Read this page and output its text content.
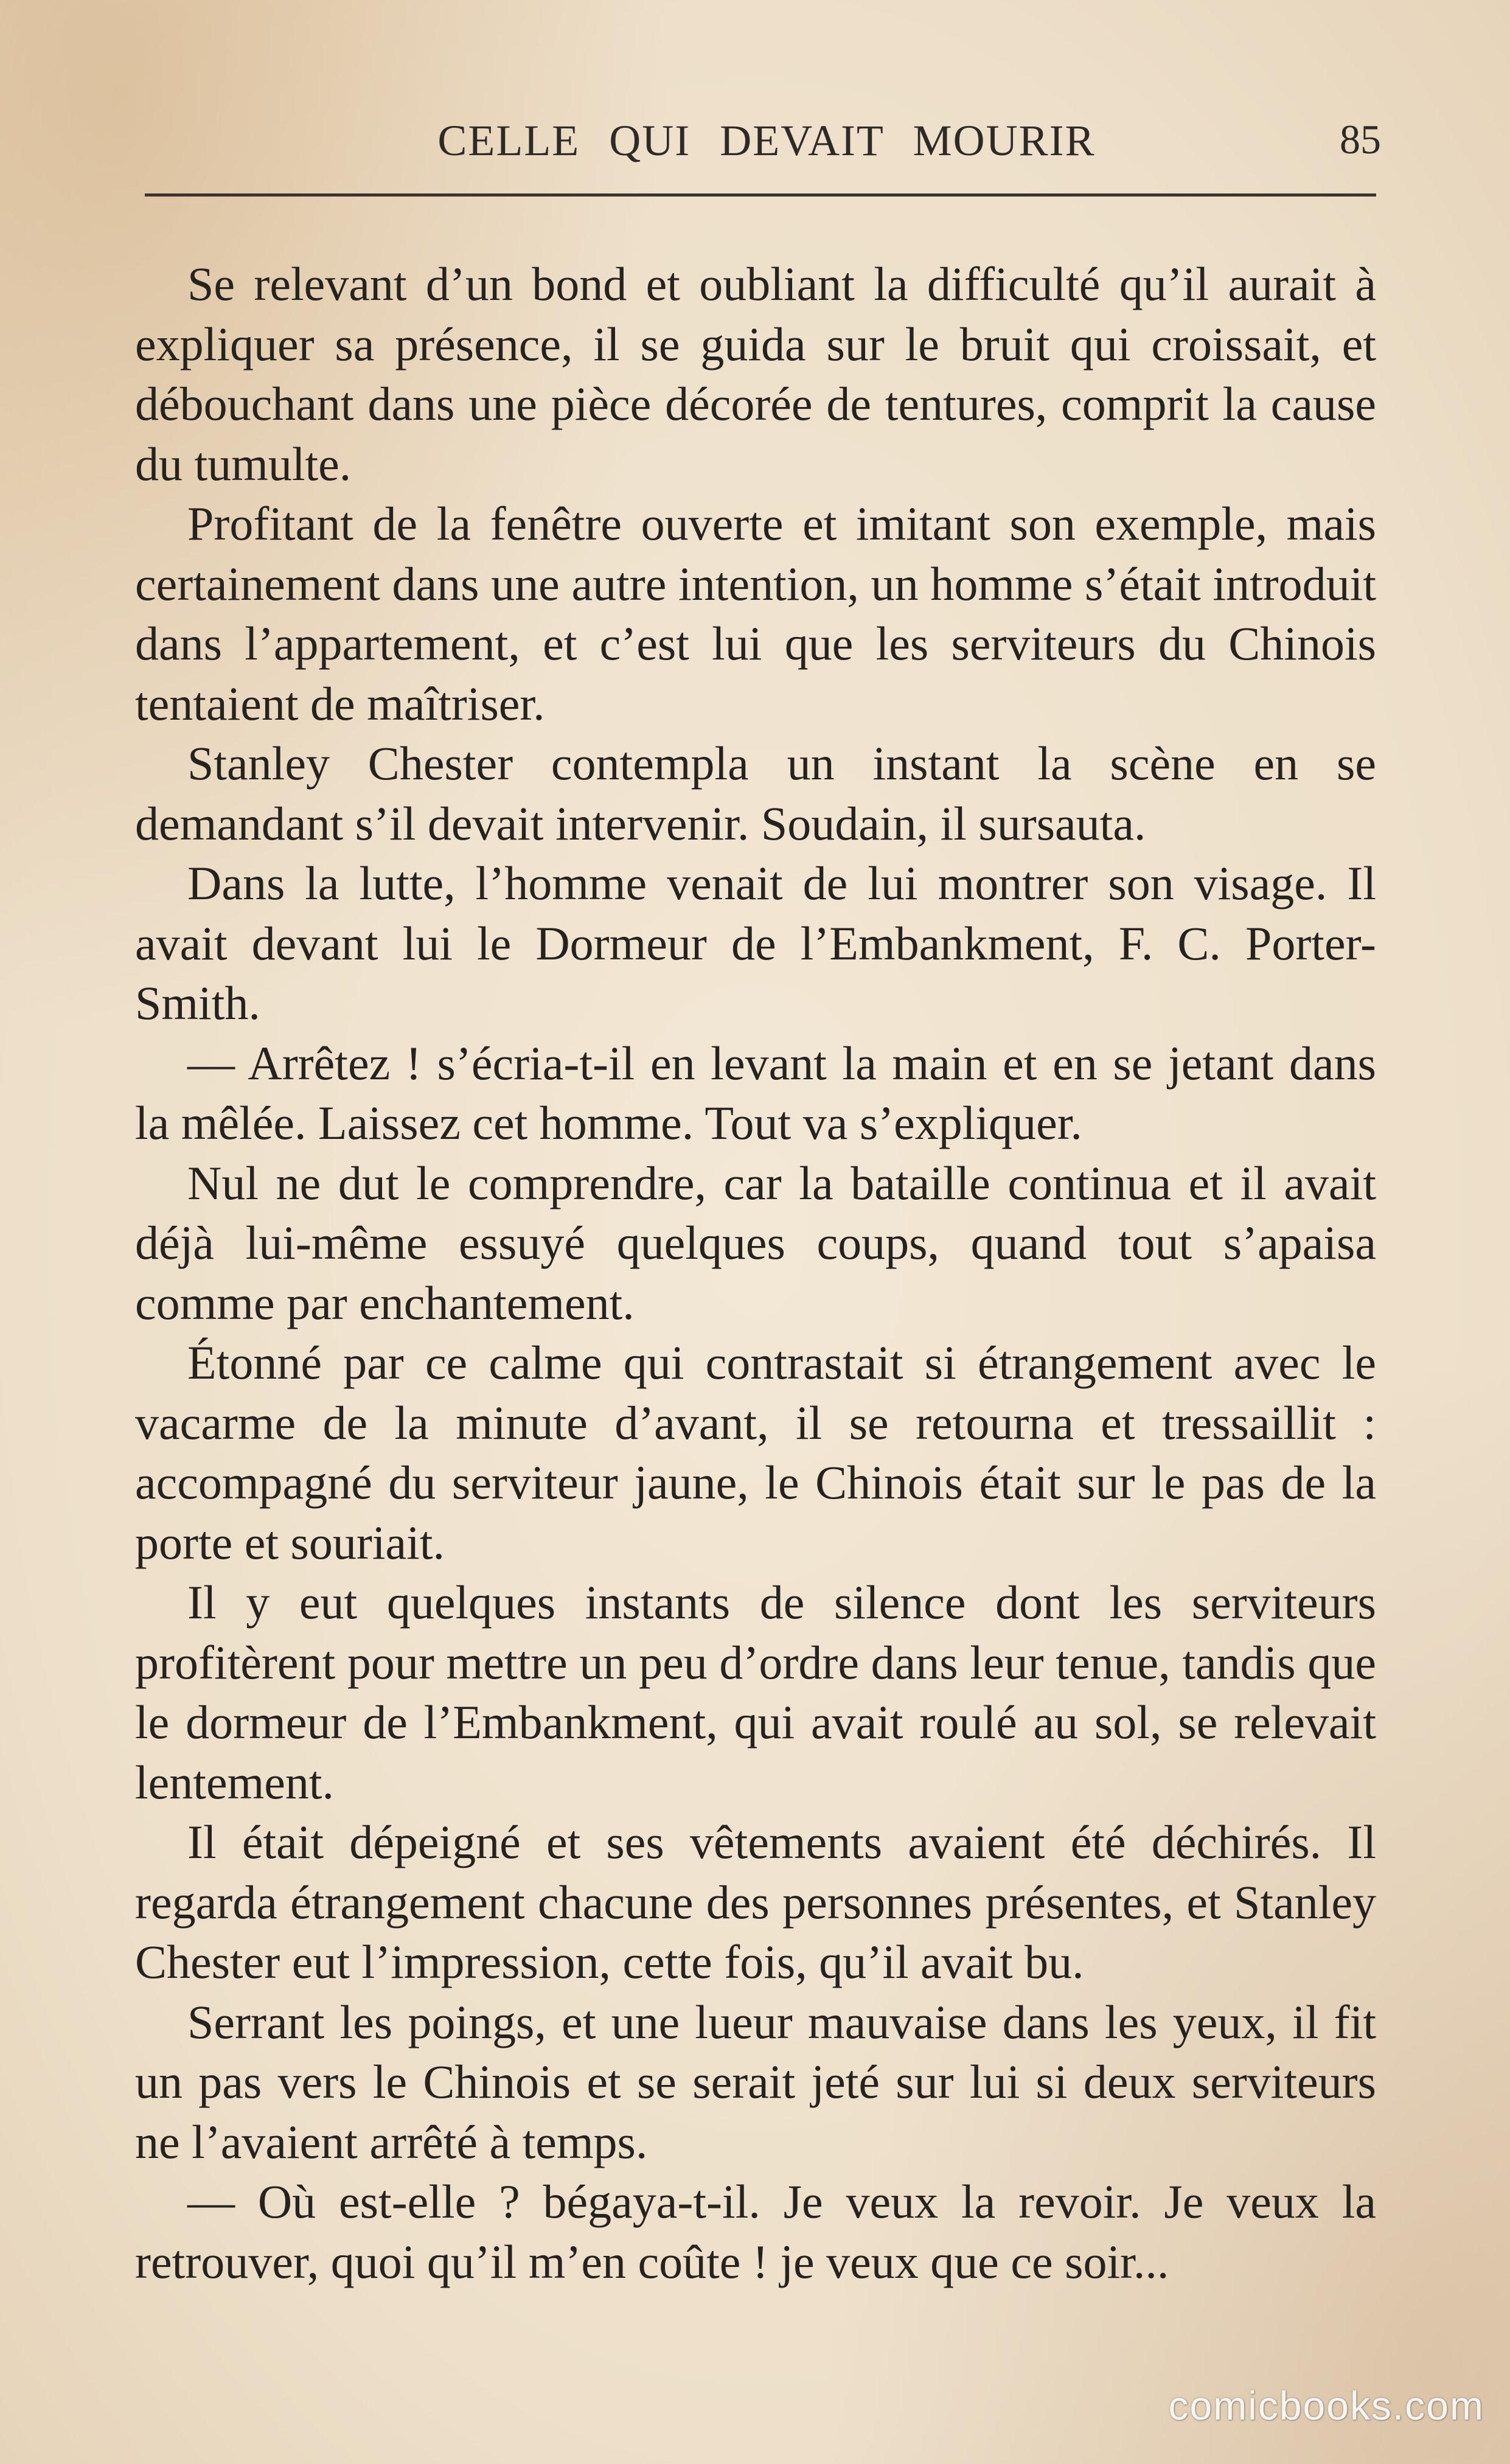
CELLE QUI DEVAIT MOURIR	85

Se relevant d’un bond et oubliant la difficulté qu’il aurait à expliquer sa présence, il se guida sur le bruit qui croissait, et débouchant dans une pièce décorée de tentures, comprit la cause du tumulte.

Profitant de la fenêtre ouverte et imitant son exemple, mais certainement dans une autre intention, un homme s’était introduit dans l’appartement, et c’est lui que les serviteurs du Chinois tentaient de maîtriser.

Stanley Chester contempla un instant la scène en se demandant s’il devait intervenir. Soudain, il sursauta.

Dans la lutte, l’homme venait de lui montrer son visage. Il avait devant lui le Dormeur de l’Embankment, F. C. Porter-Smith.

— Arrêtez ! s’écria-t-il en levant la main et en se jetant dans la mêlée. Laissez cet homme. Tout va s’expliquer.

Nul ne dut le comprendre, car la bataille continua et il avait déjà lui-même essuyé quelques coups, quand tout s’apaisa comme par enchantement.

Étonné par ce calme qui contrastait si étrangement avec le vacarme de la minute d’avant, il se retourna et tressaillit : accompagné du serviteur jaune, le Chinois était sur le pas de la porte et souriait.

Il y eut quelques instants de silence dont les serviteurs profitèrent pour mettre un peu d’ordre dans leur tenue, tandis que le dormeur de l’Embankment, qui avait roulé au sol, se relevait lentement.

Il était dépeigné et ses vêtements avaient été déchirés. Il regarda étrangement chacune des personnes présentes, et Stanley Chester eut l’impression, cette fois, qu’il avait bu.

Serrant les poings, et une lueur mauvaise dans les yeux, il fit un pas vers le Chinois et se serait jeté sur lui si deux serviteurs ne l’avaient arrêté à temps.

— Où est-elle ? bégaya-t-il. Je veux la revoir. Je veux la retrouver, quoi qu’il m’en coûte ! je veux que ce soir...

comicbooks.com
